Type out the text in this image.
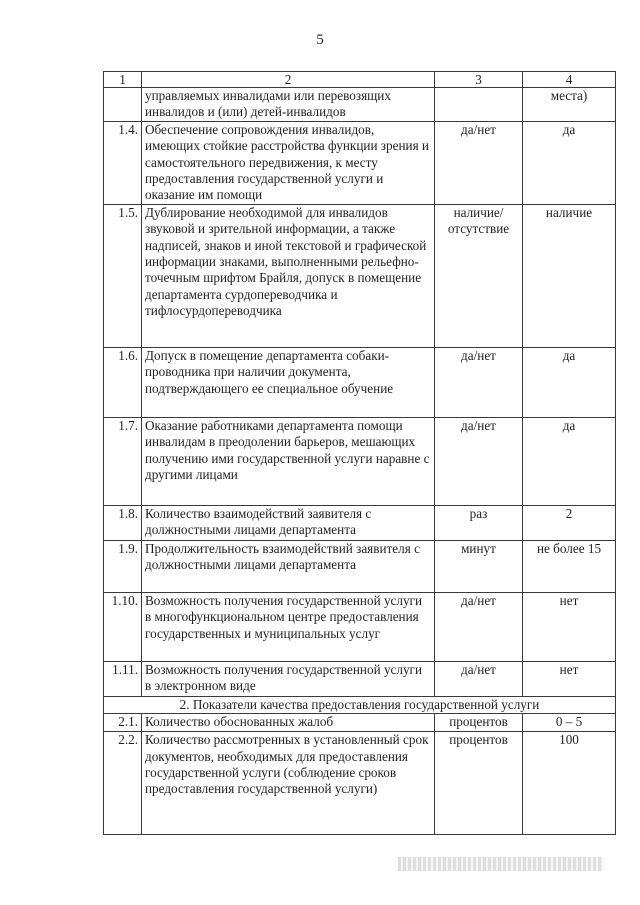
5
1	2	3	4
	управляемых инвалидами или перевозящих инвалидов и (или) детей-инвалидов		места)
1.4.	Обеспечение сопровождения инвалидов, имеющих стойкие расстройства функции зрения и самостоятельного передвижения, к месту предоставления государственной услуги и оказание им помощи	да/нет	да
1.5.	Дублирование необходимой для инвалидов звуковой и зрительной информации, а также надписей, знаков и иной текстовой и графической информации знаками, выполненными рельефно-точечным шрифтом Брайля, допуск в помещение департамента сурдопереводчика и тифлосурдопереводчика	наличие/ отсутствие	наличие
1.6.	Допуск в помещение департамента собаки-проводника при наличии документа, подтверждающего ее специальное обучение	да/нет	да
1.7.	Оказание работниками департамента помощи инвалидам в преодолении барьеров, мешающих получению ими государственной услуги наравне с другими лицами	да/нет	да
1.8.	Количество взаимодействий заявителя с должностными лицами департамента	раз	2
1.9.	Продолжительность взаимодействий заявителя с должностными лицами департамента	минут	не более 15
1.10.	Возможность получения государственной услуги в многофункциональном центре предоставления государственных и муниципальных услуг	да/нет	нет
1.11.	Возможность получения государственной услуги в электронном виде	да/нет	нет
2. Показатели качества предоставления государственной услуги			
2.1.	Количество обоснованных жалоб	процентов	0 – 5
2.2.	Количество рассмотренных в установленный срок документов, необходимых для предоставления государственной услуги (соблюдение сроков предоставления государственной услуги)	процентов	100
